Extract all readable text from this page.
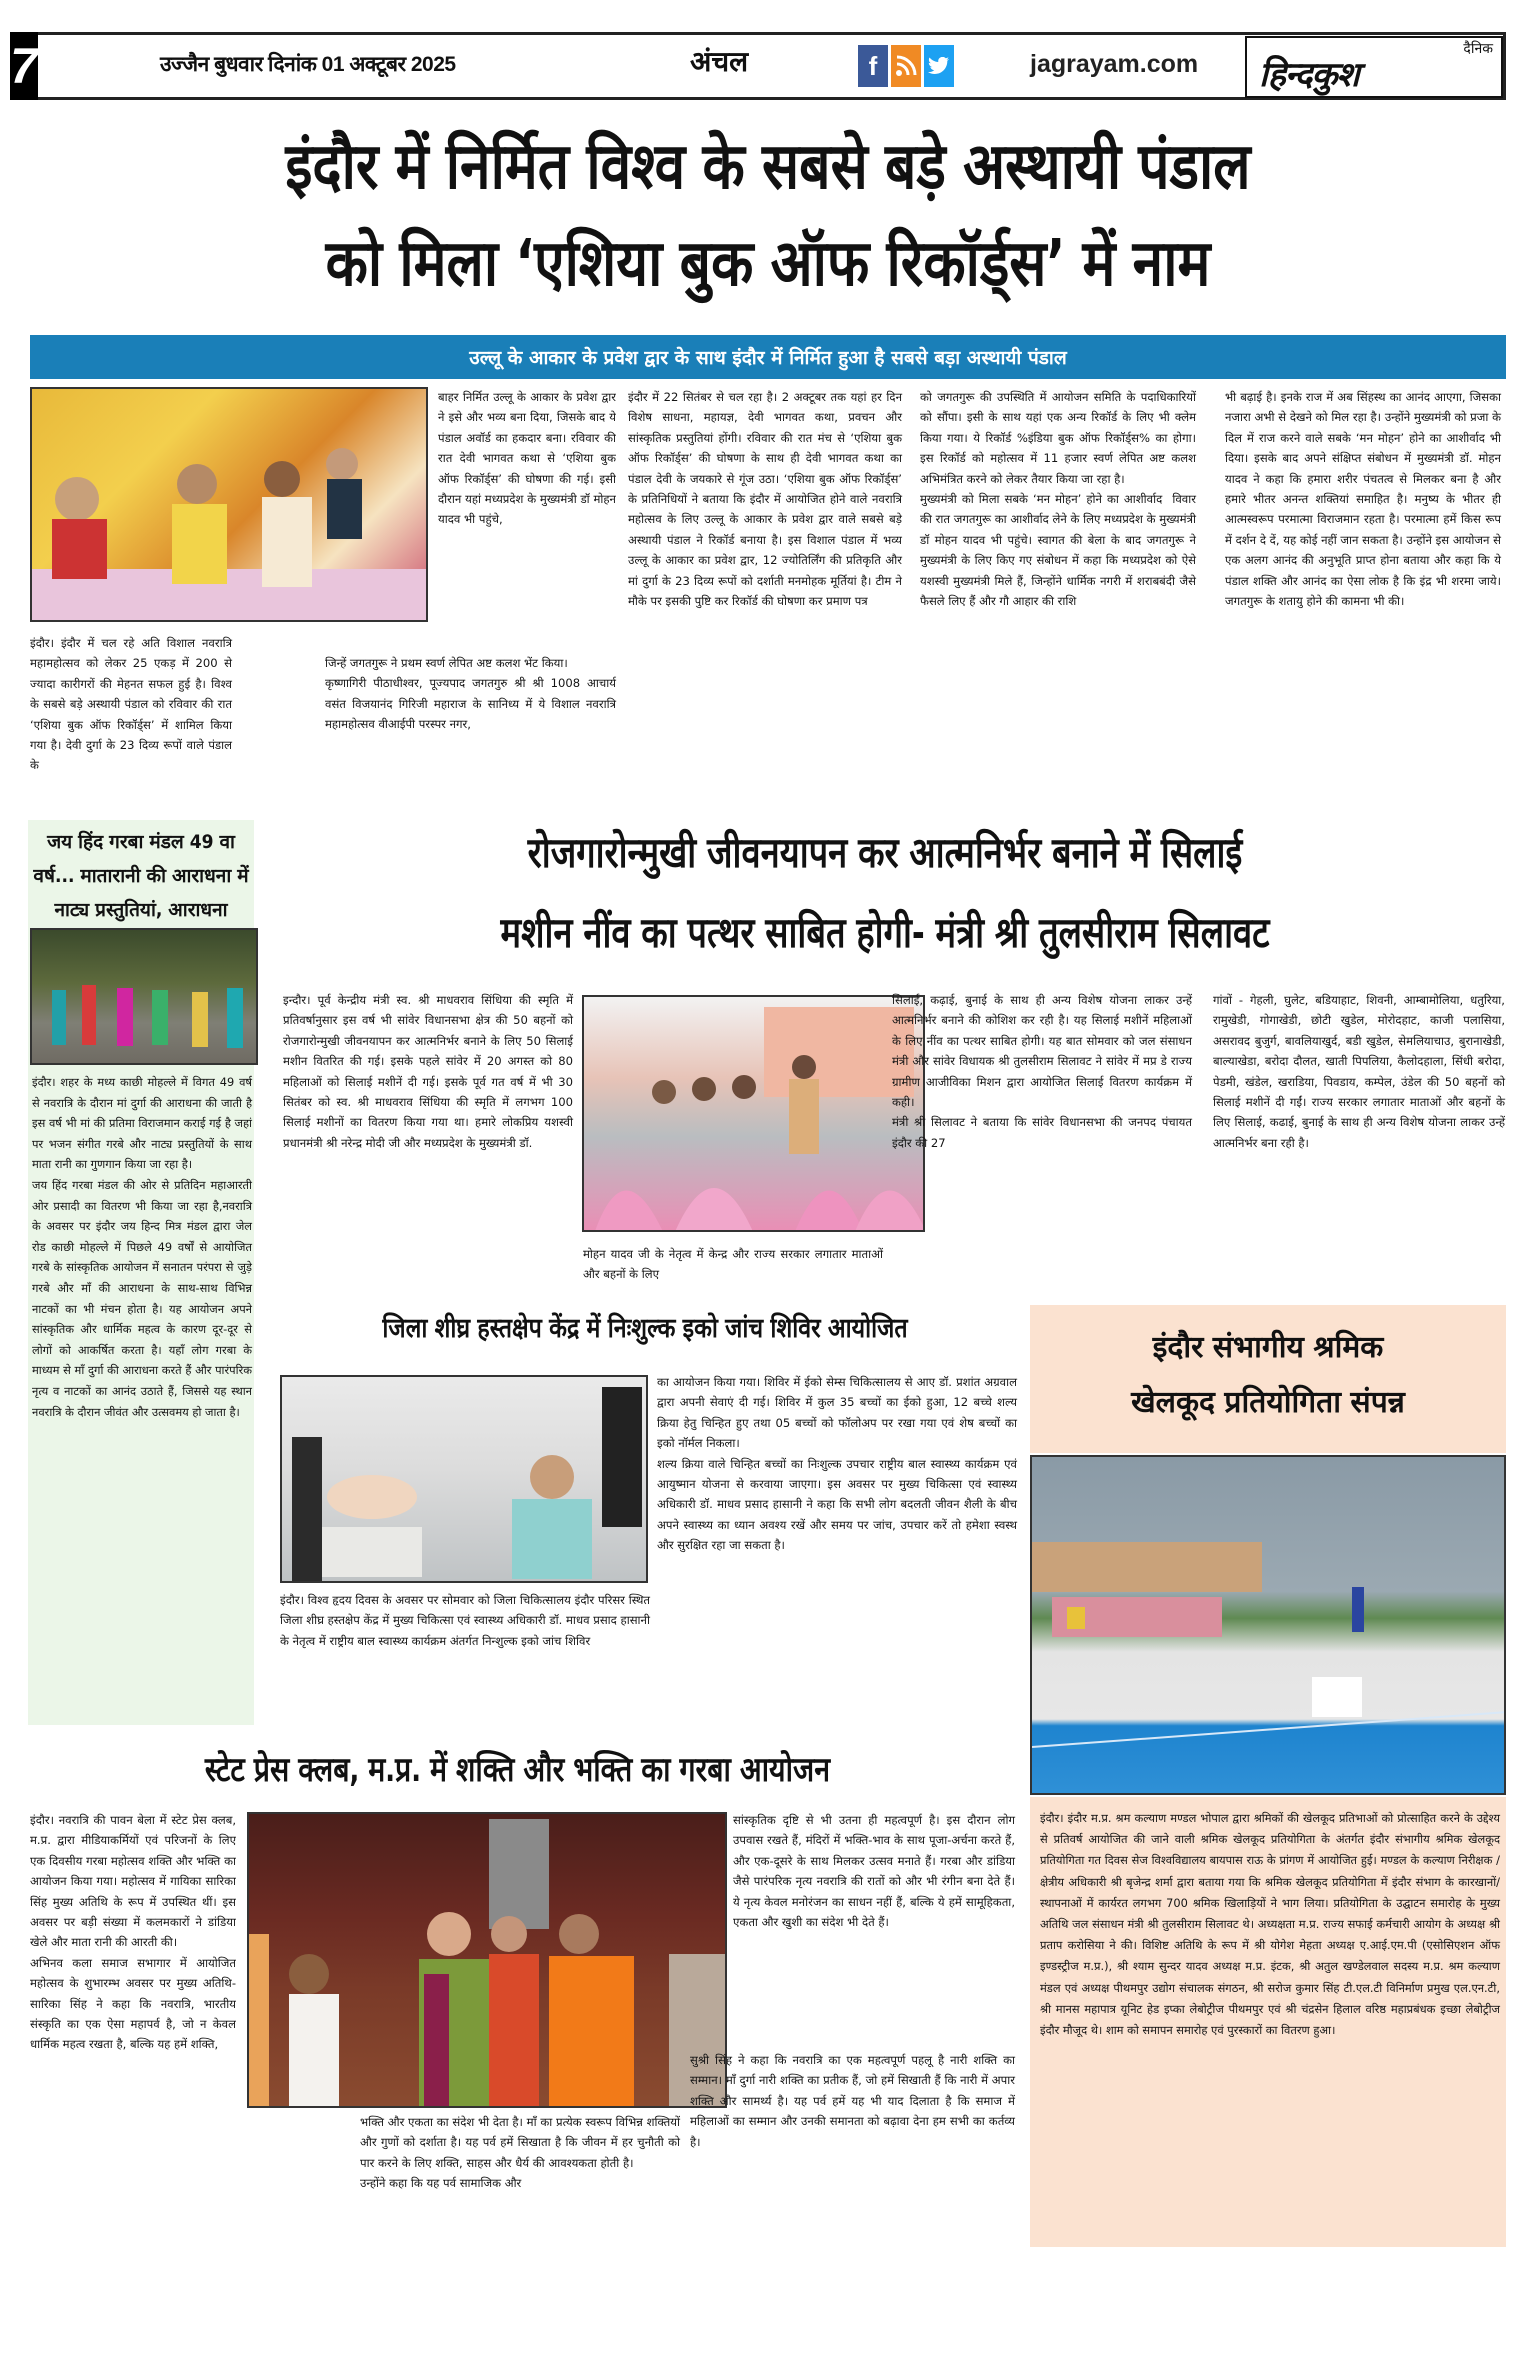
7	उज्जैन बुधवार दिनांक 01 अक्टूबर 2025	अंचल	f	jagrayam.com
दैनिक
हिन्दकुश
इंदौर में निर्मित विश्व के सबसे बड़े अस्थायी पंडाल
को मिला ‘एशिया बुक ऑफ रिकॉर्ड्स’ में नाम
उल्लू के आकार के प्रवेश द्वार के साथ इंदौर में निर्मित हुआ है सबसे बड़ा अस्थायी पंडाल
इंदौर। इंदौर में चल रहे अति विशाल नवरात्रि महामहोत्सव को लेकर 25 एकड़ में 200 से ज्यादा कारीगरों की मेहनत सफल हुई है। विश्व के सबसे बड़े अस्थायी पंडाल को रविवार की रात ‘एशिया बुक ऑफ रिकॉर्ड्स’ में शामिल किया गया है। देवी दुर्गा के 23 दिव्य रूपों वाले पंडाल के
बाहर निर्मित उल्लू के आकार के प्रवेश द्वार ने इसे और भव्य बना दिया, जिसके बाद ये पंडाल अवॉर्ड का हकदार बना। रविवार की रात देवी भागवत कथा से ‘एशिया बुक ऑफ रिकॉर्ड्स’ की घोषणा की गई। इसी दौरान यहां मध्यप्रदेश के मुख्यमंत्री डॉ मोहन यादव भी पहुंचे,
जिन्हें जगतगुरू ने प्रथम स्वर्ण लेपित अष्ट कलश भेंट किया।
कृष्णागिरी पीठाधीश्वर, पूज्यपाद जगतगुरु श्री श्री 1008 आचार्य वसंत विजयानंद गिरिजी महाराज के सानिध्य में ये विशाल नवरात्रि महामहोत्सव वीआईपी परस्पर नगर,
इंदौर में 22 सितंबर से चल रहा है। 2 अक्टूबर तक यहां हर दिन विशेष साधना, महायज्ञ, देवी भागवत कथा, प्रवचन और सांस्कृतिक प्रस्तुतियां होंगी। रविवार की रात मंच से ‘एशिया बुक ऑफ रिकॉर्ड्स’ की घोषणा के साथ ही देवी भागवत कथा का पंडाल देवी के जयकारे से गूंज उठा। ‘एशिया बुक ऑफ रिकॉर्ड्स’ के प्रतिनिधियों ने बताया कि इंदौर में आयोजित होने वाले नवरात्रि महोत्सव के लिए उल्लू के आकार के प्रवेश द्वार वाले सबसे बड़े अस्थायी पंडाल ने रिकॉर्ड बनाया है। इस विशाल पंडाल में भव्य उल्लू के आकार का प्रवेश द्वार, 12 ज्योतिर्लिंग की प्रतिकृति और मां दुर्गा के 23 दिव्य रूपों को दर्शाती मनमोहक मूर्तियां है। टीम ने मौके पर इसकी पुष्टि कर रिकॉर्ड की घोषणा कर प्रमाण पत्र
को जगतगुरू की उपस्थिति में आयोजन समिति के पदाधिकारियों को सौंपा। इसी के साथ यहां एक अन्य रिकॉर्ड के लिए भी क्लेम किया गया। ये रिकॉर्ड %इंडिया बुक ऑफ रिकॉर्ड्स% का होगा। इस रिकॉर्ड को महोत्सव में 11 हजार स्वर्ण लेपित अष्ट कलश अभिमंत्रित करने को लेकर तैयार किया जा रहा है।
मुख्यमंत्री को मिला सबके ‘मन मोहन’ होने का आशीर्वाद विवार की रात जगतगुरू का आशीर्वाद लेने के लिए मध्यप्रदेश के मुख्यमंत्री डॉ मोहन यादव भी पहुंचे। स्वागत की बेला के बाद जगतगुरू ने मुख्यमंत्री के लिए किए गए संबोधन में कहा कि मध्यप्रदेश को ऐसे यशस्वी मुख्यमंत्री मिले हैं, जिन्होंने धार्मिक नगरी में शराबबंदी जैसे फैसले लिए हैं और गौ आहार की राशि
भी बढ़ाई है। इनके राज में अब सिंहस्थ का आनंद आएगा, जिसका नजारा अभी से देखने को मिल रहा है। उन्होंने मुख्यमंत्री को प्रजा के दिल में राज करने वाले सबके ‘मन मोहन’ होने का आशीर्वाद भी दिया। इसके बाद अपने संक्षिप्त संबोधन में मुख्यमंत्री डॉ. मोहन यादव ने कहा कि हमारा शरीर पंचतत्व से मिलकर बना है और हमारे भीतर अनन्त शक्तियां समाहित है। मनुष्य के भीतर ही आत्मस्वरूप परमात्मा विराजमान रहता है। परमात्मा हमें किस रूप में दर्शन दे दें, यह कोई नहीं जान सकता है। उन्होंने इस आयोजन से एक अलग आनंद की अनुभूति प्राप्त होना बताया और कहा कि ये पंडाल शक्ति और आनंद का ऐसा लोक है कि इंद्र भी शरमा जाये। जगतगुरू के शतायु होने की कामना भी की।
जय हिंद गरबा मंडल 49 वा वर्ष... मातारानी की आराधना में नाट्य प्रस्तुतियां, आराधना
इंदौर। शहर के मध्य काछी मोहल्ले में विगत 49 वर्ष से नवरात्रि के दौरान मां दुर्गा की आराधना की जाती है इस वर्ष भी मां की प्रतिमा विराजमान कराई गई है जहां पर भजन संगीत गरबे और नाट्य प्रस्तुतियों के साथ माता रानी का गुणगान किया जा रहा है।
जय हिंद गरबा मंडल की ओर से प्रतिदिन महाआरती ओर प्रसादी का वितरण भी किया जा रहा है,नवरात्रि के अवसर पर इंदौर जय हिन्द मित्र मंडल द्वारा जेल रोड काछी मोहल्ले में पिछले 49 वर्षों से आयोजित गरबे के सांस्कृतिक आयोजन में सनातन परंपरा से जुड़े गरबे और माँ की आराधना के साथ-साथ विभिन्न नाटकों का भी मंचन होता है। यह आयोजन अपने सांस्कृतिक और धार्मिक महत्व के कारण दूर-दूर से लोगों को आकर्षित करता है। यहाँ लोग गरबा के माध्यम से माँ दुर्गा की आराधना करते हैं और पारंपरिक नृत्य व नाटकों का आनंद उठाते हैं, जिससे यह स्थान नवरात्रि के दौरान जीवंत और उत्सवमय हो जाता है।
रोजगारोन्मुखी जीवनयापन कर आत्मनिर्भर बनाने में सिलाई
मशीन नींव का पत्थर साबित होगी- मंत्री श्री तुलसीराम सिलावट
इन्दौर। पूर्व केन्द्रीय मंत्री स्व. श्री माधवराव सिंधिया की स्मृति में प्रतिवर्षानुसार इस वर्ष भी सांवेर विधानसभा क्षेत्र की 50 बहनों को रोजगारोन्मुखी जीवनयापन कर आत्मनिर्भर बनाने के लिए 50 सिलाई मशीन वितरित की गई। इसके पहले सांवेर में 20 अगस्त को 80 महिलाओं को सिलाई मशीनें दी गई। इसके पूर्व गत वर्ष में भी 30 सितंबर को स्व. श्री माधवराव सिंधिया की स्मृति में लगभग 100 सिलाई मशीनों का वितरण किया गया था। हमारे लोकप्रिय यशस्वी प्रधानमंत्री श्री नरेन्द्र मोदी जी और मध्यप्रदेश के मुख्यमंत्री डॉ.
मोहन यादव जी के नेतृत्व में केन्द्र और राज्य सरकार लगातार माताओं और बहनों के लिए
सिलाई, कढ़ाई, बुनाई के साथ ही अन्य विशेष योजना लाकर उन्हें आत्मनिर्भर बनाने की कोशिश कर रही है। यह सिलाई मशीनें महिलाओं के लिए नींव का पत्थर साबित होगी। यह बात सोमवार को जल संसाधन मंत्री और सांवेर विधायक श्री तुलसीराम सिलावट ने सांवेर में मप्र डे राज्य ग्रामीण आजीविका मिशन द्वारा आयोजित सिलाई वितरण कार्यक्रम में कही।
मंत्री श्री सिलावट ने बताया कि सांवेर विधानसभा की जनपद पंचायत इंदौर की 27
गांवों - गेहली, घुलेट, बडियाहाट, शिवनी, आम्बामोलिया, धतुरिया, रामुखेडी, गोगाखेडी, छोटी खुडेल, मोरोदहाट, काजी पलासिया, असरावद बुजुर्ग, बावलियाखुर्द, बडी खुडेल, सेमलियाचाउ, बुरानाखेडी, बाल्याखेडा, बरोदा दौलत, खाती पिपलिया, कैलोदहाला, सिंधी बरोदा, पेडमी, खंडेल, खराडिया, पिवडाय, कम्पेल, उंडेल की 50 बहनों को सिलाई मशीनें दी गईं। राज्य सरकार लगातार माताओं और बहनों के लिए सिलाई, कढाई, बुनाई के साथ ही अन्य विशेष योजना लाकर उन्हें आत्मनिर्भर बना रही है।
जिला शीघ्र हस्तक्षेप केंद्र में निःशुल्क इको जांच शिविर आयोजित
इंदौर। विश्व हृदय दिवस के अवसर पर सोमवार को जिला चिकित्सालय इंदौर परिसर स्थित जिला शीघ्र हस्तक्षेप केंद्र में मुख्य चिकित्सा एवं स्वास्थ्य अधिकारी डॉ. माधव प्रसाद हासानी के नेतृत्व में राष्ट्रीय बाल स्वास्थ्य कार्यक्रम अंतर्गत निन्शुल्क इको जांच शिविर
का आयोजन किया गया। शिविर में ईको सेम्स चिकित्सालय से आए डॉ. प्रशांत अग्रवाल द्वारा अपनी सेवाएं दी गई। शिविर में कुल 35 बच्चों का ईको हुआ, 12 बच्चे शल्य क्रिया हेतु चिन्हित हुए तथा 05 बच्चों को फॉलोअप पर रखा गया एवं शेष बच्चों का इको नॉर्मल निकला।
शल्य क्रिया वाले चिन्हित बच्चों का निःशुल्क उपचार राष्ट्रीय बाल स्वास्थ्य कार्यक्रम एवं आयुष्मान योजना से करवाया जाएगा। इस अवसर पर मुख्य चिकित्सा एवं स्वास्थ्य अधिकारी डॉ. माधव प्रसाद हासानी ने कहा कि सभी लोग बदलती जीवन शैली के बीच अपने स्वास्थ्य का ध्यान अवश्य रखें और समय पर जांच, उपचार करें तो हमेशा स्वस्थ और सुरक्षित रहा जा सकता है।
इंदौर संभागीय श्रमिक
खेलकूद प्रतियोगिता संपन्न
इंदौर। इंदौर म.प्र. श्रम कल्याण मण्डल भोपाल द्वारा श्रमिकों की खेलकूद प्रतिभाओं को प्रोत्साहित करने के उद्देश्य से प्रतिवर्ष आयोजित की जाने वाली श्रमिक खेलकूद प्रतियोगिता के अंतर्गत इंदौर संभागीय श्रमिक खेलकूद प्रतियोगिता गत दिवस सेज विश्वविद्यालय बायपास राऊ के प्रांगण में आयोजित हुई। मण्डल के कल्याण निरीक्षक / क्षेत्रीय अधिकारी श्री बृजेन्द्र शर्मा द्वारा बताया गया कि श्रमिक खेलकूद प्रतियोगिता में इंदौर संभाग के कारखानों/ स्थापनाओं में कार्यरत लगभग 700 श्रमिक खिलाड़ियों ने भाग लिया। प्रतियोगिता के उद्घाटन समारोह के मुख्य अतिथि जल संसाधन मंत्री श्री तुलसीराम सिलावट थे। अध्यक्षता म.प्र. राज्य सफाई कर्मचारी आयोग के अध्यक्ष श्री प्रताप करोसिया ने की। विशिष्ट अतिथि के रूप में श्री योगेश मेहता अध्यक्ष ए.आई.एम.पी (एसोसिएशन ऑफ इण्डस्ट्रीज म.प्र.), श्री श्याम सुन्दर यादव अध्यक्ष म.प्र. इंटक, श्री अतुल खण्डेलवाल सदस्य म.प्र. श्रम कल्याण मंडल एवं अध्यक्ष पीथमपुर उद्योग संचालक संगठन, श्री सरोज कुमार सिंह टी.एल.टी विनिर्माण प्रमुख एल.एन.टी, श्री मानस महापात्र यूनिट हेड इप्का लेबोट्रीज पीथमपुर एवं श्री चंद्रसेन हिलाल वरिष्ठ महाप्रबंधक इच्छा लेबोट्रीज इंदौर मौजूद थे। शाम को समापन समारोह एवं पुरस्कारों का वितरण हुआ।
स्टेट प्रेस क्लब, म.प्र. में शक्ति और भक्ति का गरबा आयोजन
इंदौर। नवरात्रि की पावन बेला में स्टेट प्रेस क्लब, म.प्र. द्वारा मीडियाकर्मियों एवं परिजनों के लिए एक दिवसीय गरबा महोत्सव शक्ति और भक्ति का आयोजन किया गया। महोत्सव में गायिका सारिका सिंह मुख्य अतिथि के रूप में उपस्थित थीं। इस अवसर पर बड़ी संख्या में कलमकारों ने डांडिया खेले और माता रानी की आरती की।
अभिनव कला समाज सभागार में आयोजित महोत्सव के शुभारम्भ अवसर पर मुख्य अतिथि-सारिका सिंह ने कहा कि नवरात्रि, भारतीय संस्कृति का एक ऐसा महापर्व है, जो न केवल धार्मिक महत्व रखता है, बल्कि यह हमें शक्ति,
भक्ति और एकता का संदेश भी देता है। माँ का प्रत्येक स्वरूप विभिन्न शक्तियों और गुणों को दर्शाता है। यह पर्व हमें सिखाता है कि जीवन में हर चुनौती को पार करने के लिए शक्ति, साहस और धैर्य की आवश्यकता होती है।
उन्होंने कहा कि यह पर्व सामाजिक और
सांस्कृतिक दृष्टि से भी उतना ही महत्वपूर्ण है। इस दौरान लोग उपवास रखते हैं, मंदिरों में भक्ति-भाव के साथ पूजा-अर्चना करते हैं, और एक-दूसरे के साथ मिलकर उत्सव मनाते हैं। गरबा और डांडिया जैसे पारंपरिक नृत्य नवरात्रि की रातों को और भी रंगीन बना देते हैं। ये नृत्य केवल मनोरंजन का साधन नहीं हैं, बल्कि ये हमें सामूहिकता, एकता और खुशी का संदेश भी देते हैं।
सुश्री सिंह ने कहा कि नवरात्रि का एक महत्वपूर्ण पहलू है नारी शक्ति का सम्मान। माँ दुर्गा नारी शक्ति का प्रतीक हैं, जो हमें सिखाती हैं कि नारी में अपार शक्ति और सामर्थ्य है। यह पर्व हमें यह भी याद दिलाता है कि समाज में महिलाओं का सम्मान और उनकी समानता को बढ़ावा देना हम सभी का कर्तव्य है।
